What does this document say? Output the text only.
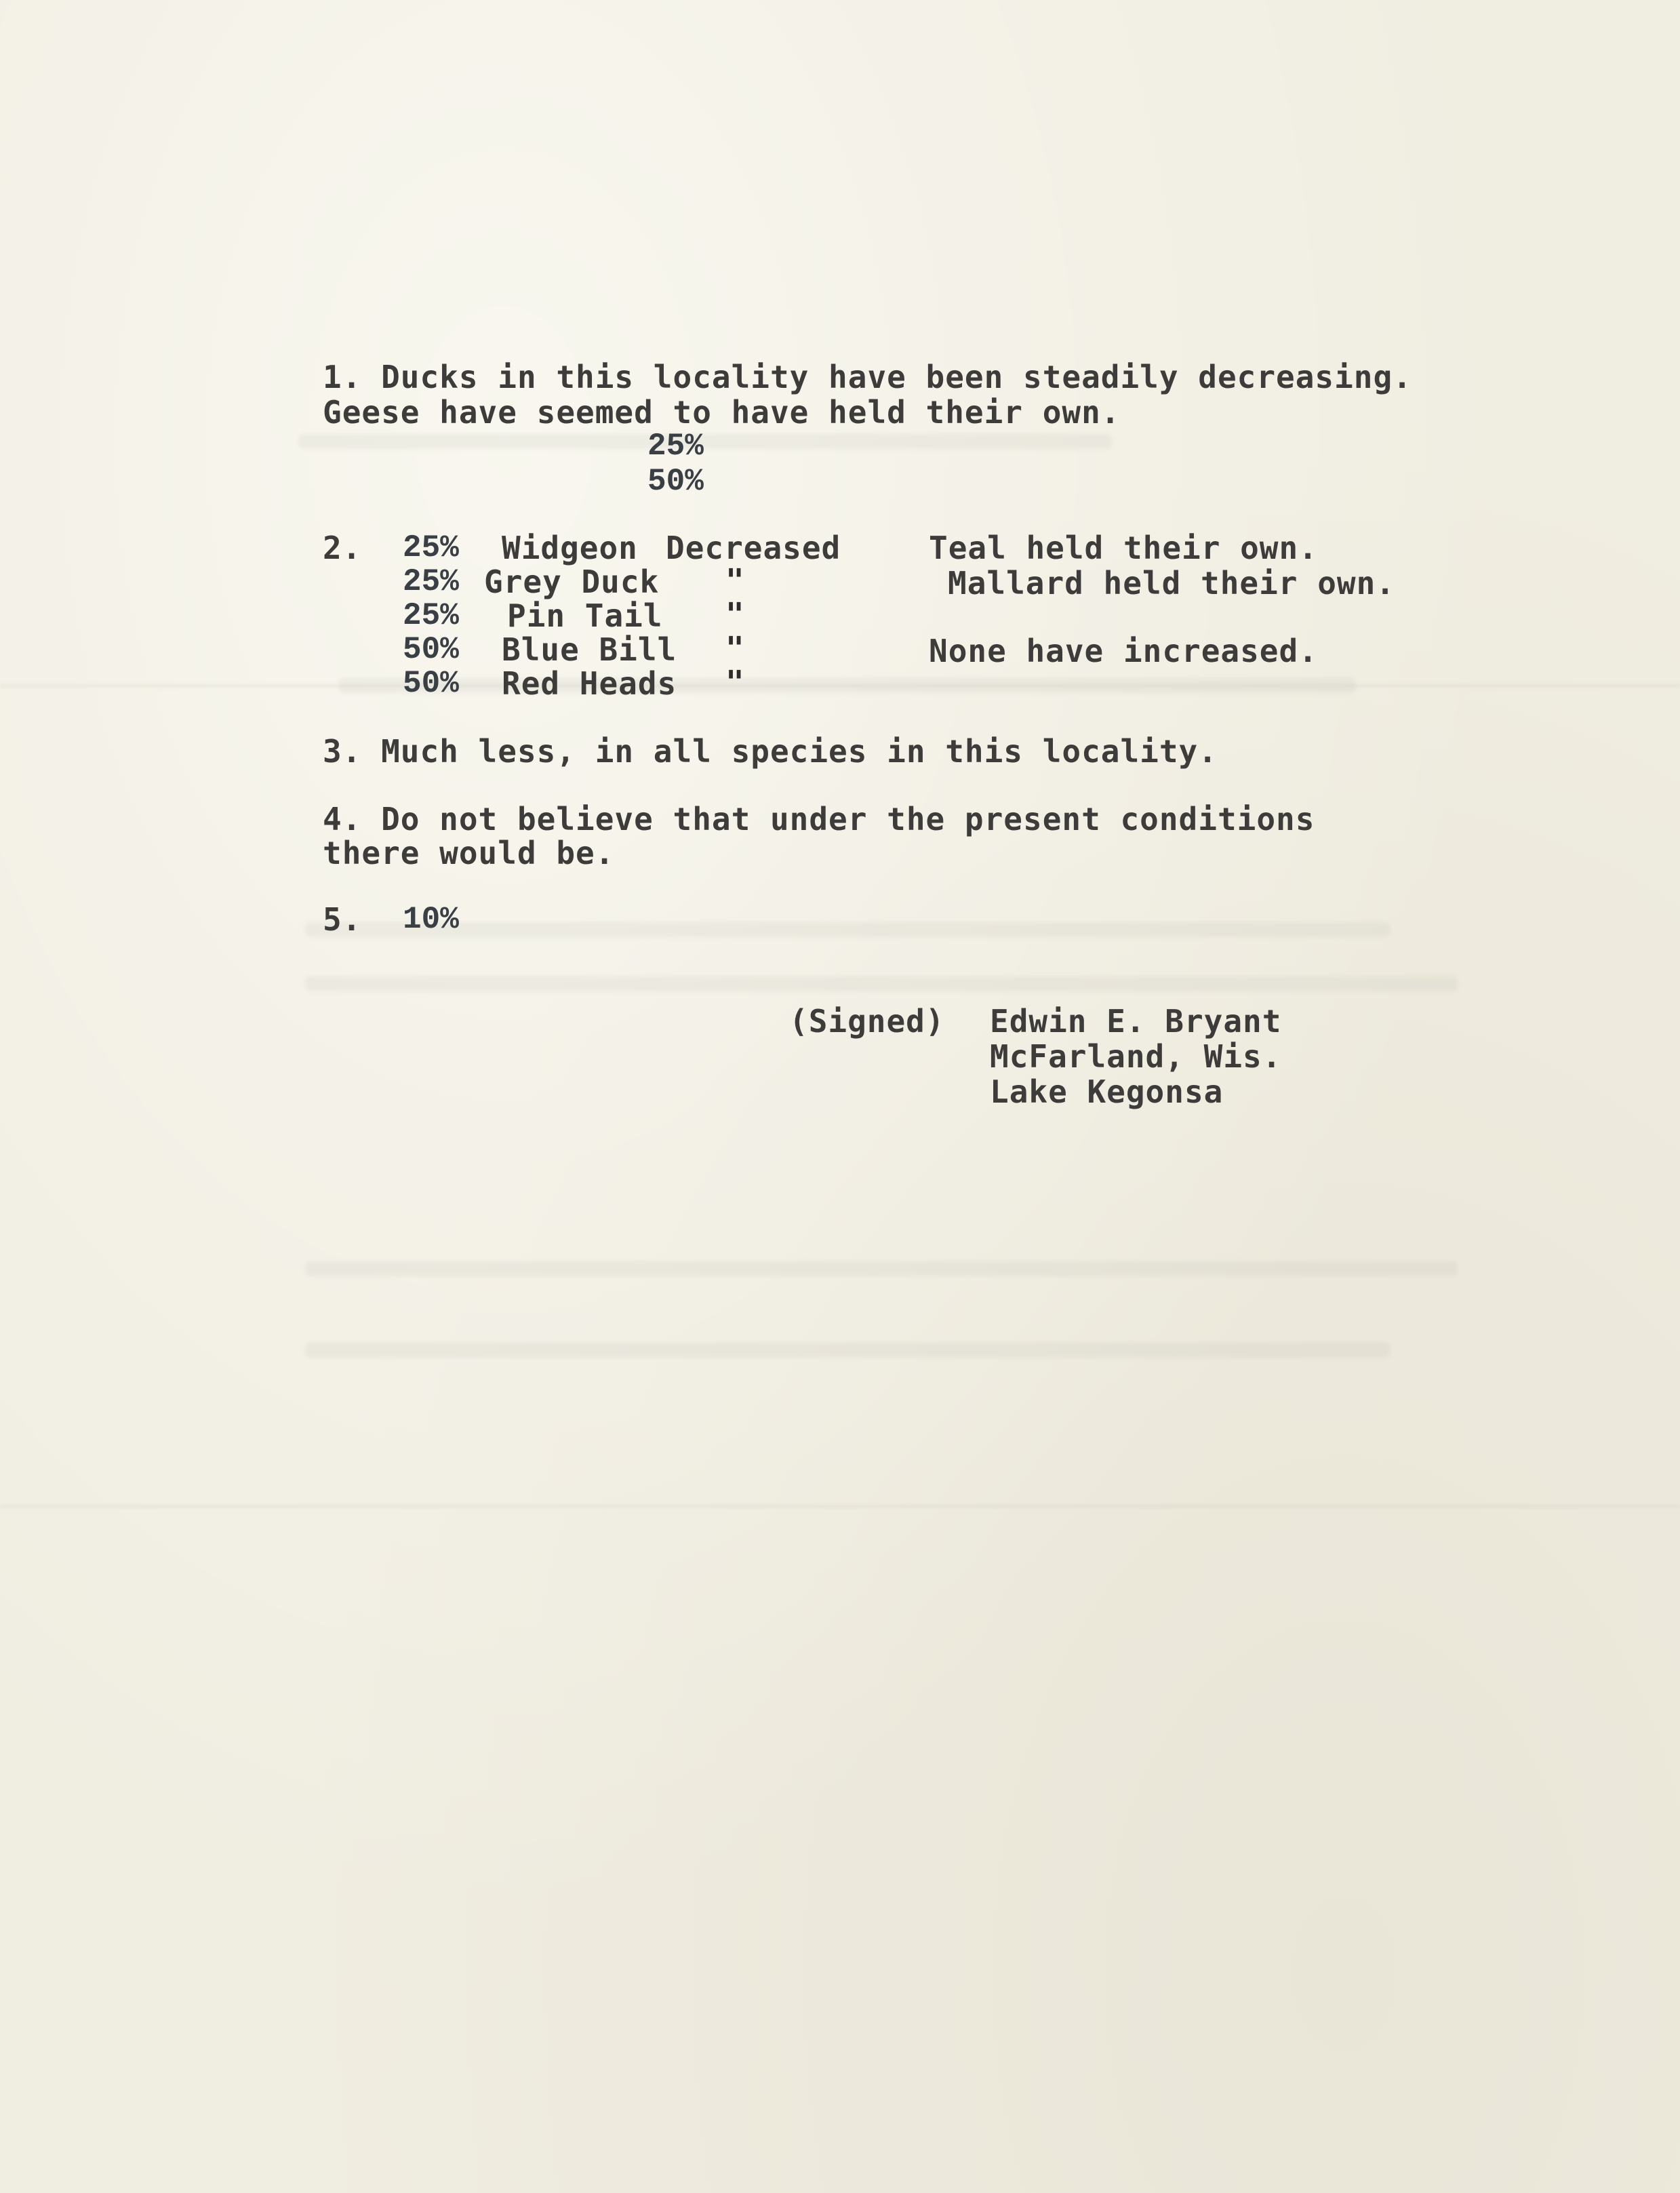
1. Ducks in this locality have been steadily decreasing.
Geese have seemed to have held their own.
25%
50%
2. 25% Widgeon Decreased
25% Grey Duck "
25% Pin Tail "
50% Blue Bill "
50% Red Heads "
Teal held their own.
Mallard held their own.
None have increased.
3. Much less, in all species in this locality.
4. Do not believe that under the present conditions
there would be.
5. 10%
(Signed) Edwin E. Bryant
McFarland, Wis.
Lake Kegonsa
